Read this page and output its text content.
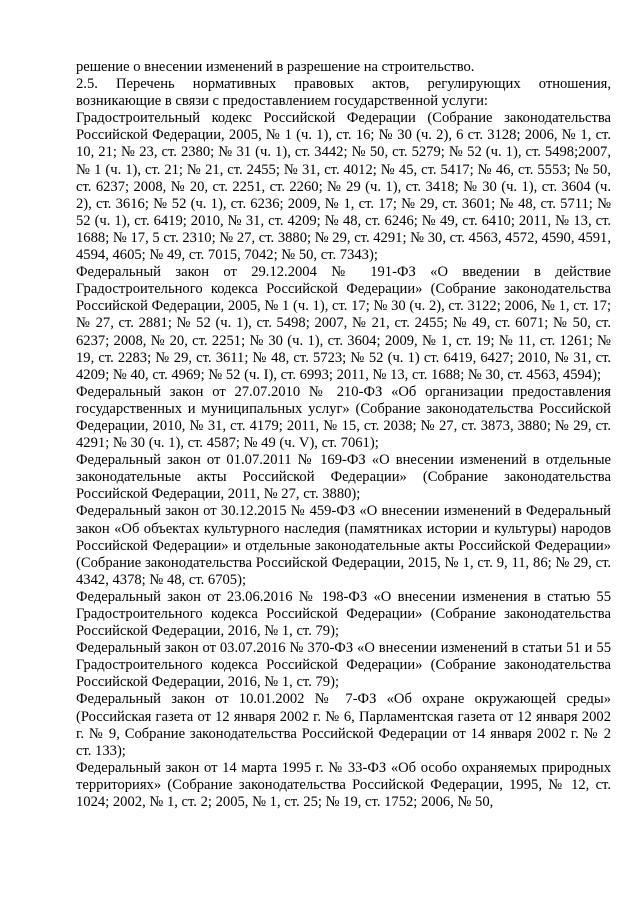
решение о внесении изменений в разрешение на строительство.

2.5. Перечень нормативных правовых актов, регулирующих отношения, возникающие в связи с предоставлением государственной услуги:

Градостроительный кодекс Российской Федерации (Собрание законодательства Российской Федерации, 2005, № 1 (ч. 1), ст. 16; № 30 (ч. 2), 6 ст. 3128; 2006, № 1, ст. 10, 21; № 23, ст. 2380; № 31 (ч. 1), ст. 3442; № 50, ст. 5279; № 52 (ч. 1), ст. 5498;2007, № 1 (ч. 1), ст. 21; № 21, ст. 2455; № 31, ст. 4012; № 45, ст. 5417; № 46, ст. 5553; № 50, ст. 6237; 2008, № 20, ст. 2251, ст. 2260; № 29 (ч. 1), ст. 3418; № 30 (ч. 1), ст. 3604 (ч. 2), ст. 3616; № 52 (ч. 1), ст. 6236; 2009, № 1, ст. 17; № 29, ст. 3601; № 48, ст. 5711; № 52 (ч. 1), ст. 6419; 2010, № 31, ст. 4209; № 48, ст. 6246; № 49, ст. 6410; 2011, № 13, ст. 1688; № 17, 5 ст. 2310; № 27, ст. 3880; № 29, ст. 4291; № 30, ст. 4563, 4572, 4590, 4591, 4594, 4605; № 49, ст. 7015, 7042; № 50, ст. 7343);

Федеральный закон от 29.12.2004 № 191-ФЗ «О введении в действие Градостроительного кодекса Российской Федерации» (Собрание законодательства Российской Федерации, 2005, № 1 (ч. 1), ст. 17; № 30 (ч. 2), ст. 3122; 2006, № 1, ст. 17; № 27, ст. 2881; № 52 (ч. 1), ст. 5498; 2007, № 21, ст. 2455; № 49, ст. 6071; № 50, ст. 6237; 2008, № 20, ст. 2251; № 30 (ч. 1), ст. 3604; 2009, № 1, ст. 19; № 11, ст. 1261; № 19, ст. 2283; № 29, ст. 3611; № 48, ст. 5723; № 52 (ч. 1) ст. 6419, 6427; 2010, № 31, ст. 4209; № 40, ст. 4969; № 52 (ч. I), ст. 6993; 2011, № 13, ст. 1688; № 30, ст. 4563, 4594);

Федеральный закон от 27.07.2010 № 210-ФЗ «Об организации предоставления государственных и муниципальных услуг» (Собрание законодательства Российской Федерации, 2010, № 31, ст. 4179; 2011, № 15, ст. 2038; № 27, ст. 3873, 3880; № 29, ст. 4291; № 30 (ч. 1), ст. 4587; № 49 (ч. V), ст. 7061);

Федеральный закон от 01.07.2011 № 169-ФЗ «О внесении изменений в отдельные законодательные акты Российской Федерации» (Собрание законодательства Российской Федерации, 2011, № 27, ст. 3880);

Федеральный закон от 30.12.2015 № 459-ФЗ «О внесении изменений в Федеральный закон «Об объектах культурного наследия (памятниках истории и культуры) народов Российской Федерации» и отдельные законодательные акты Российской Федерации» (Собрание законодательства Российской Федерации, 2015, № 1, ст. 9, 11, 86; № 29, ст. 4342, 4378; № 48, ст. 6705);

Федеральный закон от 23.06.2016 № 198-ФЗ «О внесении изменения в статью 55 Градостроительного кодекса Российской Федерации» (Собрание законодательства Российской Федерации, 2016, № 1, ст. 79);

Федеральный закон от 03.07.2016 № 370-ФЗ «О внесении изменений в статьи 51 и 55 Градостроительного кодекса Российской Федерации» (Собрание законодательства Российской Федерации, 2016, № 1, ст. 79);

Федеральный закон от 10.01.2002 № 7-ФЗ «Об охране окружающей среды» (Российская газета от 12 января 2002 г. № 6, Парламентская газета от 12 января 2002 г. № 9, Собрание законодательства Российской Федерации от 14 января 2002 г. № 2 ст. 133);

Федеральный закон от 14 марта 1995 г. № 33-ФЗ «Об особо охраняемых природных территориях» (Собрание законодательства Российской Федерации, 1995, № 12, ст. 1024; 2002, № 1, ст. 2; 2005, № 1, ст. 25; № 19, ст. 1752; 2006, № 50,
